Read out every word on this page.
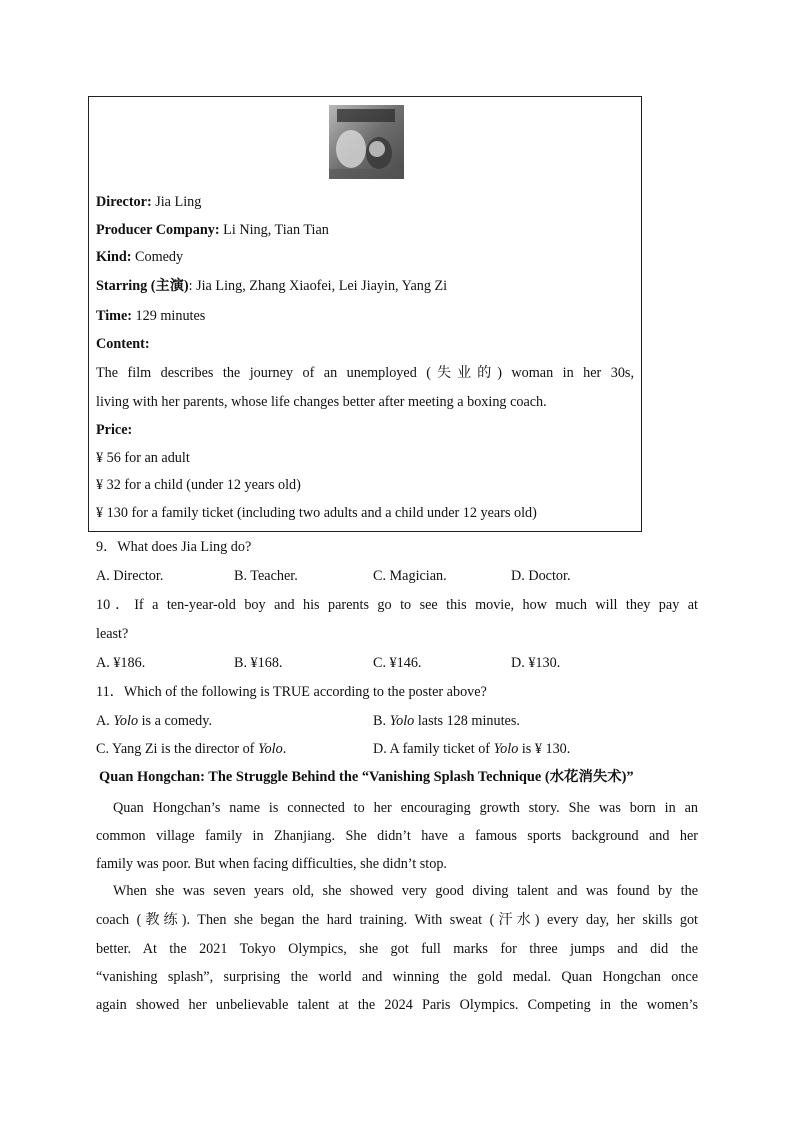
Director: Jia Ling
Producer Company: Li Ning, Tian Tian
Kind: Comedy
Starring (主演): Jia Ling, Zhang Xiaofei, Lei Jiayin, Yang Zi
Time: 129 minutes
Content:
The film describes the journey of an unemployed (失业的) woman in her 30s,
living with her parents, whose life changes better after meeting a boxing coach.
Price:
¥ 56 for an adult
¥ 32 for a child (under 12 years old)
¥ 130 for a family ticket (including two adults and a child under 12 years old)
9．What does Jia Ling do?
A. Director.	B. Teacher.	C. Magician.	D. Doctor.
10．If a ten-year-old boy and his parents go to see this movie, how much will they pay at
least?
A. ¥186.	B. ¥168.	C. ¥146.	D. ¥130.
11．Which of the following is TRUE according to the poster above?
A. Yolo is a comedy.	B. Yolo lasts 128 minutes.
C. Yang Zi is the director of Yolo.	D. A family ticket of Yolo is ¥ 130.
Quan Hongchan: The Struggle Behind the “Vanishing Splash Technique (水花消失术)”
Quan Hongchan’s name is connected to her encouraging growth story. She was born in an
common village family in Zhanjiang. She didn’t have a famous sports background and her
family was poor. But when facing difficulties, she didn’t stop.
When she was seven years old, she showed very good diving talent and was found by the
coach (教练). Then she began the hard training. With sweat (汗水) every day, her skills got
better. At the 2021 Tokyo Olympics, she got full marks for three jumps and did the
“vanishing splash”, surprising the world and winning the gold medal. Quan Hongchan once
again showed her unbelievable talent at the 2024 Paris Olympics. Competing in the women’s
